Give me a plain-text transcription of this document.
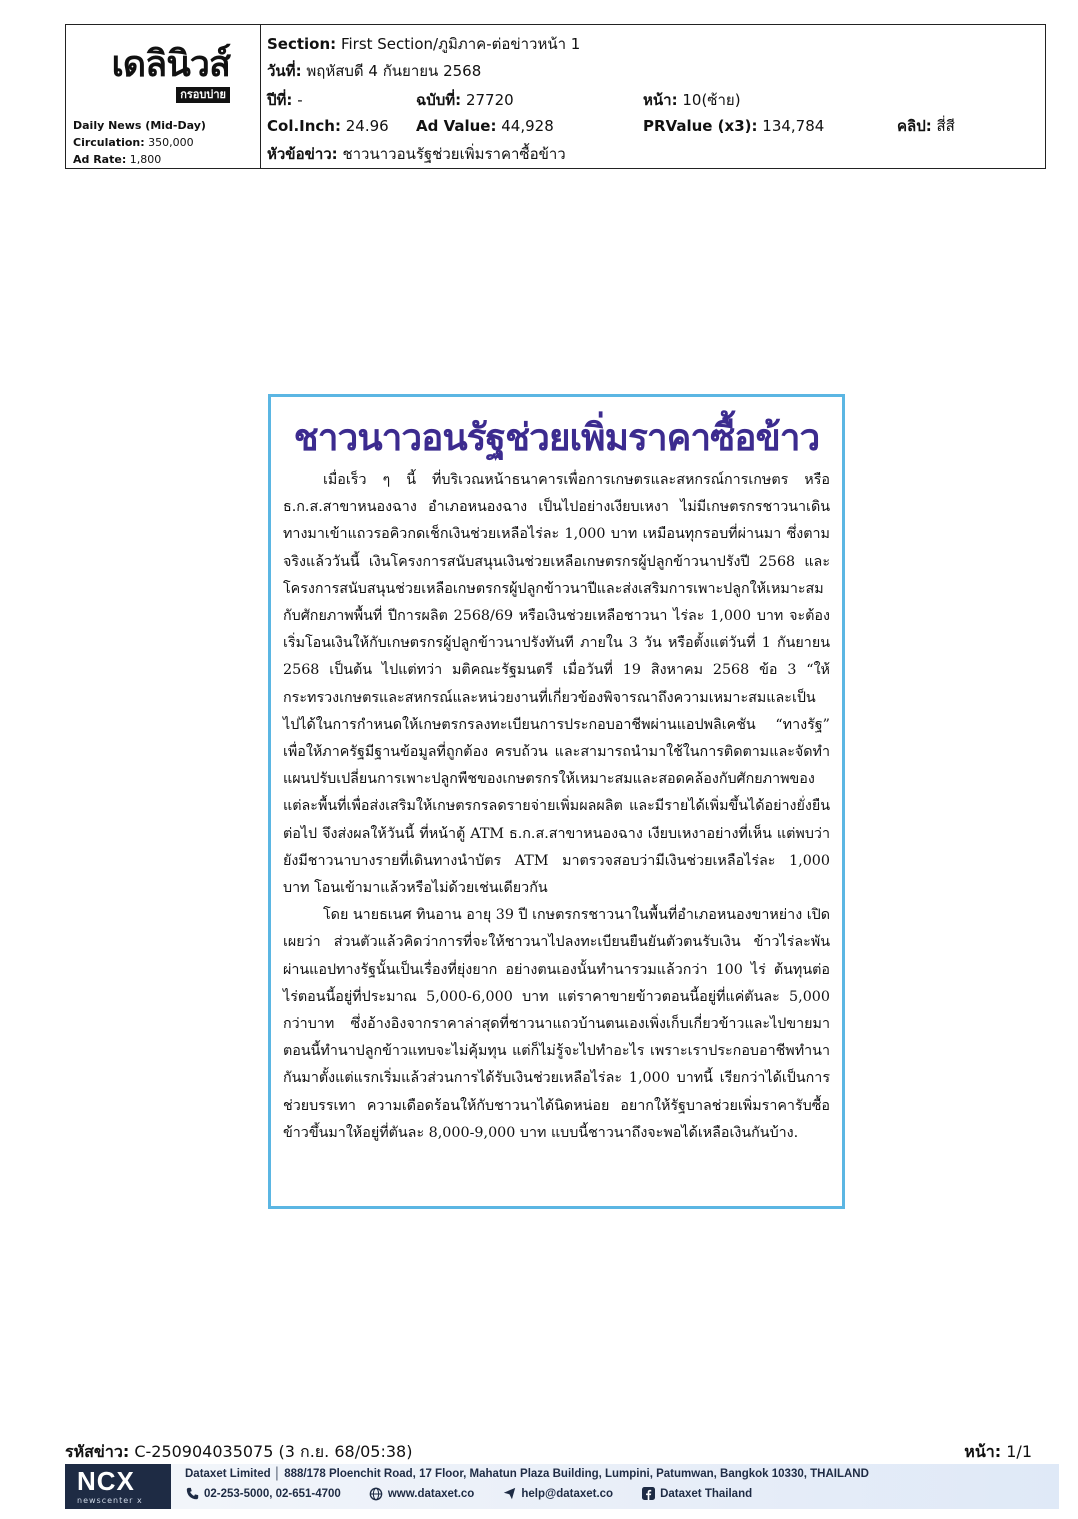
เดลินิวส์
กรอบบ่าย
Daily News (Mid-Day)
Circulation: 350,000
Ad Rate: 1,800
Section: First Section/ภูมิภาค-ต่อข่าวหน้า 1
วันที่: พฤหัสบดี 4 กันยายน 2568
ปีที่: -	ฉบับที่: 27720	หน้า: 10(ซ้าย)
Col.Inch: 24.96 Ad Value: 44,928	PRValue (x3): 134,784	คลิป: สี่สี
หัวข้อข่าว: ชาวนาวอนรัฐช่วยเพิ่มราคาซื้อข้าว
ชาวนาวอนรัฐช่วยเพิ่มราคาซื้อข้าว

เมื่อเร็ว ๆ นี้ ที่บริเวณหน้าธนาคารเพื่อการเกษตรและสหกรณ์การเกษตร หรือ ธ.ก.ส.สาขาหนองฉาง อำเภอหนองฉาง เป็นไปอย่างเงียบเหงา ไม่มีเกษตรกรชาวนาเดินทางมาเข้าแถวรอคิวกดเช็กเงินช่วยเหลือไร่ละ 1,000 บาท เหมือนทุกรอบที่ผ่านมา ซึ่งตามจริงแล้ววันนี้ เงินโครงการสนับสนุนเงินช่วยเหลือเกษตรกรผู้ปลูกข้าวนาปรังปี 2568 และโครงการสนับสนุนช่วยเหลือเกษตรกรผู้ปลูกข้าวนาปีและส่งเสริมการเพาะปลูกให้เหมาะสมกับศักยภาพพื้นที่ ปีการผลิต 2568/69 หรือเงินช่วยเหลือชาวนา ไร่ละ 1,000 บาท จะต้องเริ่มโอนเงินให้กับเกษตรกรผู้ปลูกข้าวนาปรังทันที ภายใน 3 วัน หรือตั้งแต่วันที่ 1 กันยายน 2568 เป็นต้น ไปแต่ทว่า มติคณะรัฐมนตรี เมื่อวันที่ 19 สิงหาคม 2568 ข้อ 3 “ให้กระทรวงเกษตรและสหกรณ์และหน่วยงานที่เกี่ยวข้องพิจารณาถึงความเหมาะสมและเป็นไปได้ในการกำหนดให้เกษตรกรลงทะเบียนการประกอบอาชีพผ่านแอปพลิเคชัน “ทางรัฐ” เพื่อให้ภาครัฐมีฐานข้อมูลที่ถูกต้อง ครบถ้วน และสามารถนำมาใช้ในการติดตามและจัดทำแผนปรับเปลี่ยนการเพาะปลูกพืชของเกษตรกรให้เหมาะสมและสอดคล้องกับศักยภาพของแต่ละพื้นที่เพื่อส่งเสริมให้เกษตรกรลดรายจ่ายเพิ่มผลผลิต และมีรายได้เพิ่มขึ้นได้อย่างยั่งยืนต่อไป จึงส่งผลให้วันนี้ ที่หน้าตู้ ATM ธ.ก.ส.สาขาหนองฉาง เงียบเหงาอย่างที่เห็น แต่พบว่า ยังมีชาวนาบางรายที่เดินทางนำบัตร ATM มาตรวจสอบว่ามีเงินช่วยเหลือไร่ละ 1,000 บาท โอนเข้ามาแล้วหรือไม่ด้วยเช่นเดียวกัน

โดย นายธเนศ ทินอาน อายุ 39 ปี เกษตรกรชาวนาในพื้นที่อำเภอหนองขาหย่าง เปิดเผยว่า ส่วนตัวแล้วคิดว่าการที่จะให้ชาวนาไปลงทะเบียนยืนยันตัวตนรับเงิน ข้าวไร่ละพันผ่านแอปทางรัฐนั้นเป็นเรื่องที่ยุ่งยาก อย่างตนเองนั้นทำนารวมแล้วกว่า 100 ไร่ ต้นทุนต่อไร่ตอนนี้อยู่ที่ประมาณ 5,000-6,000 บาท แต่ราคาขายข้าวตอนนี้อยู่ที่แค่ตันละ 5,000 กว่าบาท ซึ่งอ้างอิงจากราคาล่าสุดที่ชาวนาแถวบ้านตนเองเพิ่งเก็บเกี่ยวข้าวและไปขายมา ตอนนี้ทำนาปลูกข้าวแทบจะไม่คุ้มทุน แต่ก็ไม่รู้จะไปทำอะไร เพราะเราประกอบอาชีพทำนากันมาตั้งแต่แรกเริ่มแล้วส่วนการได้รับเงินช่วยเหลือไร่ละ 1,000 บาทนี้ เรียกว่าได้เป็นการช่วยบรรเทา ความเดือดร้อนให้กับชาวนาได้นิดหน่อย อยากให้รัฐบาลช่วยเพิ่มราคารับซื้อข้าวขึ้นมาให้อยู่ที่ตันละ 8,000-9,000 บาท แบบนี้ชาวนาถึงจะพอได้เหลือเงินกันบ้าง.

รหัสข่าว: C-250904035075 (3 ก.ย. 68/05:38)	หน้า: 1/1
NCX
newscenter x
Dataxet Limited │ 888/178 Ploenchit Road, 17 Floor, Mahatun Plaza Building, Lumpini, Patumwan, Bangkok 10330, THAILAND
02-253-5000, 02-651-4700	www.dataxet.co	help@dataxet.co	Dataxet Thailand
